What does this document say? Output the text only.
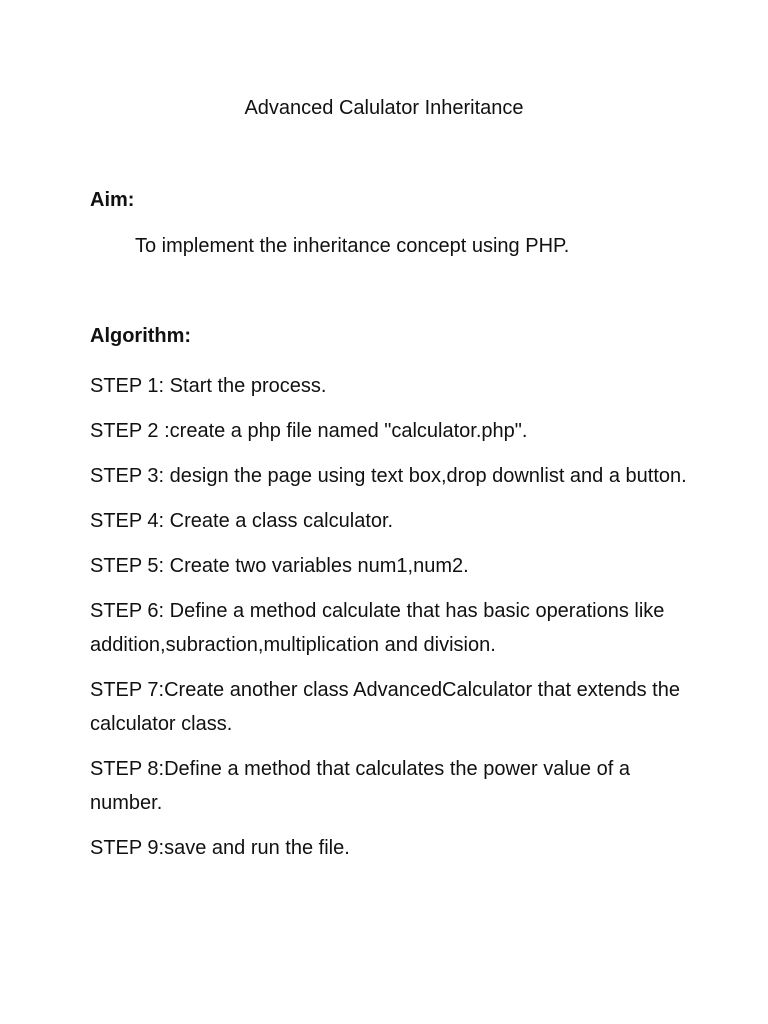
Advanced Calulator Inheritance
Aim:
To implement the inheritance concept using PHP.
Algorithm:
STEP 1: Start the process.
STEP 2 :create a php file named "calculator.php".
STEP 3: design the page using text box,drop downlist and a button.
STEP 4: Create a class calculator.
STEP 5: Create two variables num1,num2.
STEP 6: Define a method calculate that has basic operations like addition,subraction,multiplication and division.
STEP 7:Create another class AdvancedCalculator that extends the calculator class.
STEP 8:Define a method that calculates the power value of a number.
STEP 9:save and run the file.
